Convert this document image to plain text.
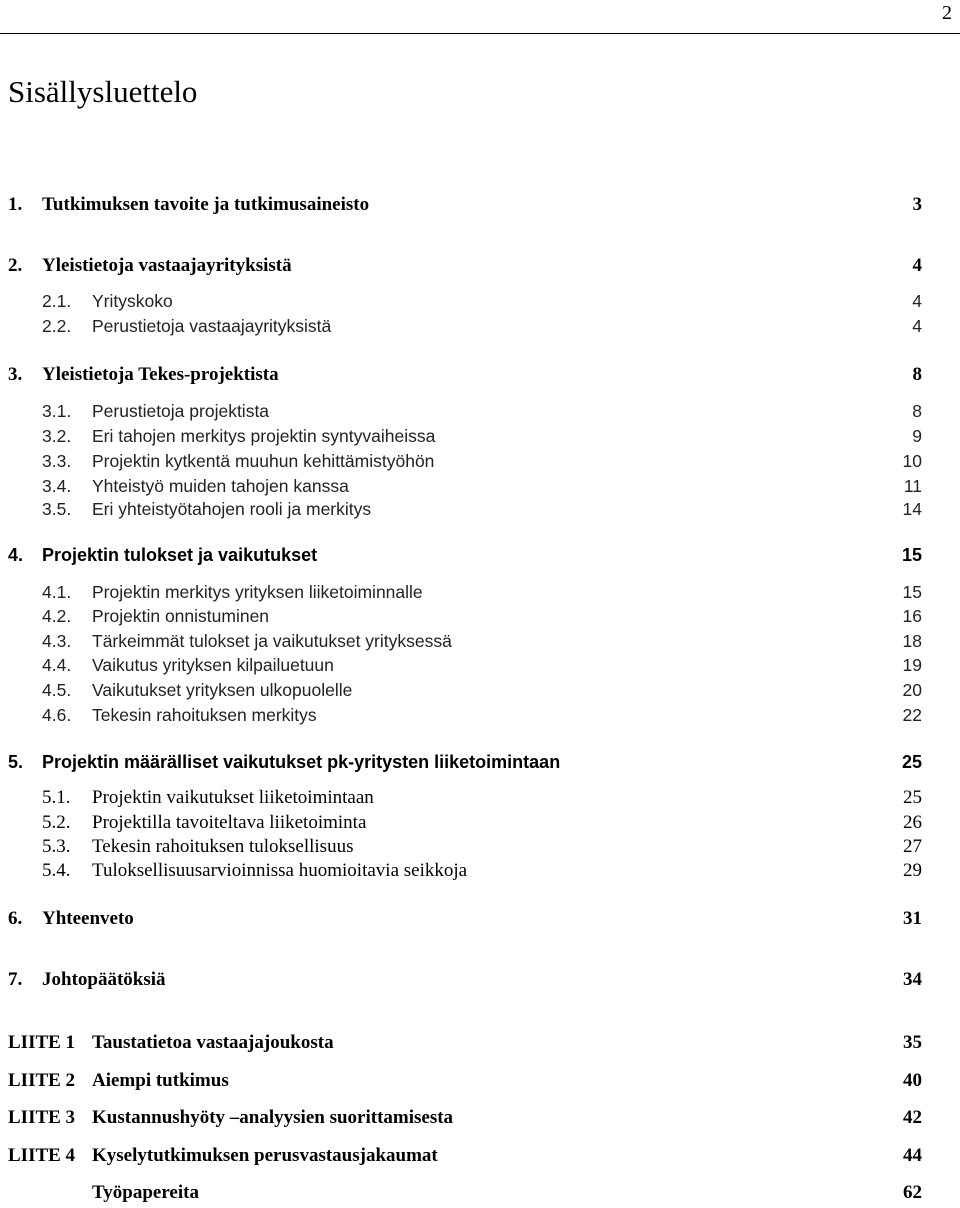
2
Sisällysluettelo
1. Tutkimuksen tavoite ja tutkimusaineisto	3
2. Yleistietoja vastaajayrityksistä	4
2.1. Yrityskoko	4
2.2. Perustietoja vastaajayrityksistä	4
3. Yleistietoja Tekes-projektista	8
3.1. Perustietoja projektista	8
3.2. Eri tahojen merkitys projektin syntyvaiheissa	9
3.3. Projektin kytkentä muuhun kehittämistyöhön	10
3.4. Yhteistyö muiden tahojen kanssa	11
3.5. Eri yhteistyötahojen rooli ja merkitys	14
4. Projektin tulokset ja vaikutukset	15
4.1. Projektin merkitys yrityksen liiketoiminnalle	15
4.2. Projektin onnistuminen	16
4.3. Tärkeimmät tulokset ja vaikutukset yrityksessä	18
4.4. Vaikutus yrityksen kilpailuetuun	19
4.5. Vaikutukset yrityksen ulkopuolelle	20
4.6. Tekesin rahoituksen merkitys	22
5. Projektin määrälliset vaikutukset pk-yritysten liiketoimintaan	25
5.1. Projektin vaikutukset liiketoimintaan	25
5.2. Projektilla tavoiteltava liiketoiminta	26
5.3. Tekesin rahoituksen tuloksellisuus	27
5.4. Tuloksellisuusarvioinnissa huomioitavia seikkoja	29
6. Yhteenveto	31
7. Johtopäätöksiä	34
LIITE 1 Taustatietoa vastaajajoukosta	35
LIITE 2 Aiempi tutkimus	40
LIITE 3 Kustannushyöty –analyysien suorittamisesta	42
LIITE 4 Kyselytutkimuksen perusvastausjakaumat	44
Työpapereita	62
